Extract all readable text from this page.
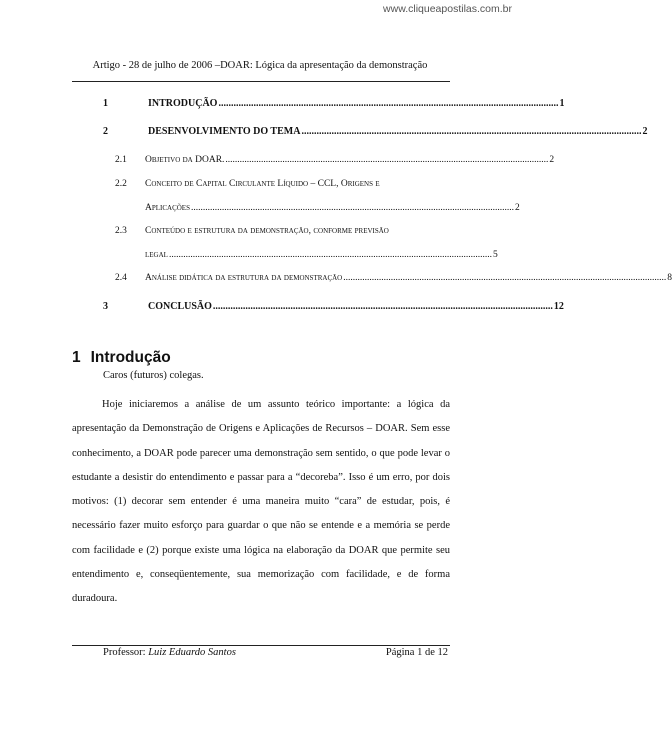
www.cliqueapostilas.com.br
Artigo - 28 de julho de 2006 –DOAR: Lógica da apresentação da demonstração
1	INTRODUÇÃO ........................................................................................................................................ 1
2	DESENVOLVIMENTO DO TEMA ........................................................................................................................................ 2
2.1 Objetivo da DOAR. ........................................................................................................................................ 2
2.2 Conceito de Capital Circulante Líquido – CCL, Origens e
Aplicações ........................................................................................................................................ 2
2.3 Conteúdo e estrutura da demonstração, conforme previsão
legal ........................................................................................................................................ 5
2.4 Análise didática da estrutura da demonstração ........................................................................................................................................ 8
3	CONCLUSÃO ........................................................................................................................................ 12
1 Introdução
Caros (futuros) colegas.
Hoje iniciaremos a análise de um assunto teórico importante: a lógica da apresentação da Demonstração de Origens e Aplicações de Recursos – DOAR. Sem esse conhecimento, a DOAR pode parecer uma demonstração sem sentido, o que pode levar o estudante a desistir do entendimento e passar para a “decoreba”. Isso é um erro, por dois motivos: (1) decorar sem entender é uma maneira muito “cara” de estudar, pois, é necessário fazer muito esforço para guardar o que não se entende e a memória se perde com facilidade e (2) porque existe uma lógica na elaboração da DOAR que permite seu entendimento e, conseqüentemente, sua memorização com facilidade, e de forma duradoura.
Professor: Luiz Eduardo Santos	Página 1 de 12
